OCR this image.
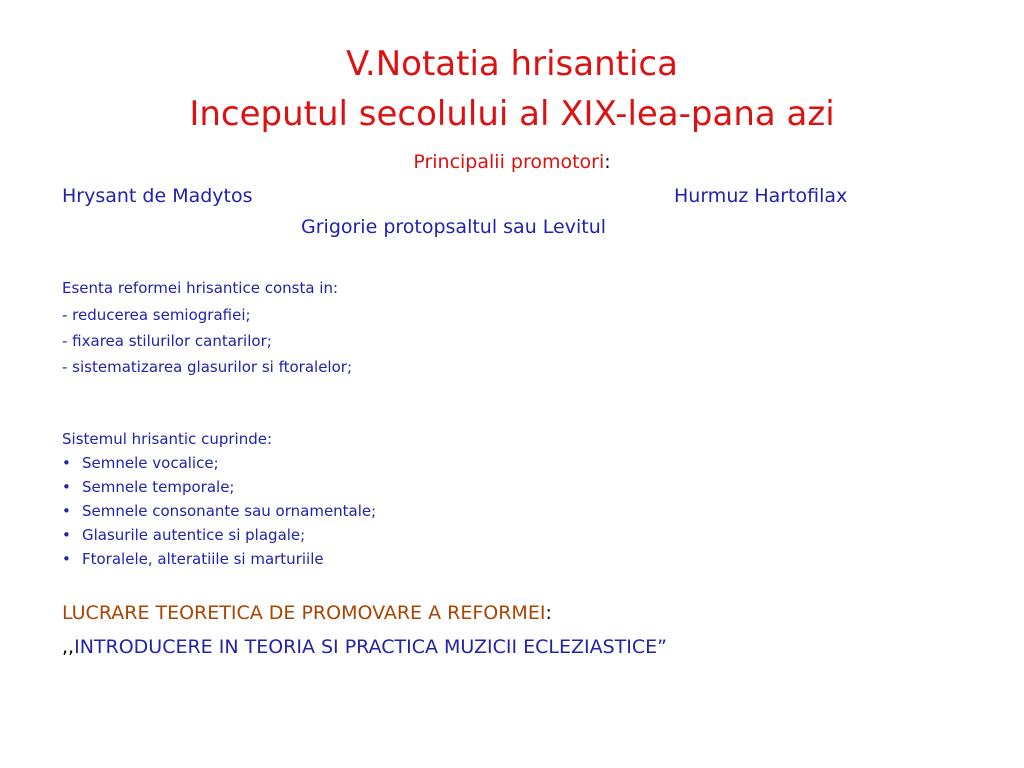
V.Notatia hrisantica
Inceputul secolului al XIX-lea-pana azi
Principalii promotori:
Hrysant de Madytos	Hurmuz Hartofilax
Grigorie protopsaltul sau Levitul
Esenta reformei hrisantice consta in:
- reducerea semiografiei;
- fixarea stilurilor cantarilor;
- sistematizarea glasurilor si ftoralelor;
Sistemul hrisantic cuprinde:
• Semnele vocalice;
• Semnele temporale;
• Semnele consonante sau ornamentale;
• Glasurile autentice si plagale;
• Ftoralele, alteratiile si marturiile
LUCRARE TEORETICA DE PROMOVARE A REFORMEI:
,,INTRODUCERE IN TEORIA SI PRACTICA MUZICII ECLEZIASTICE”
